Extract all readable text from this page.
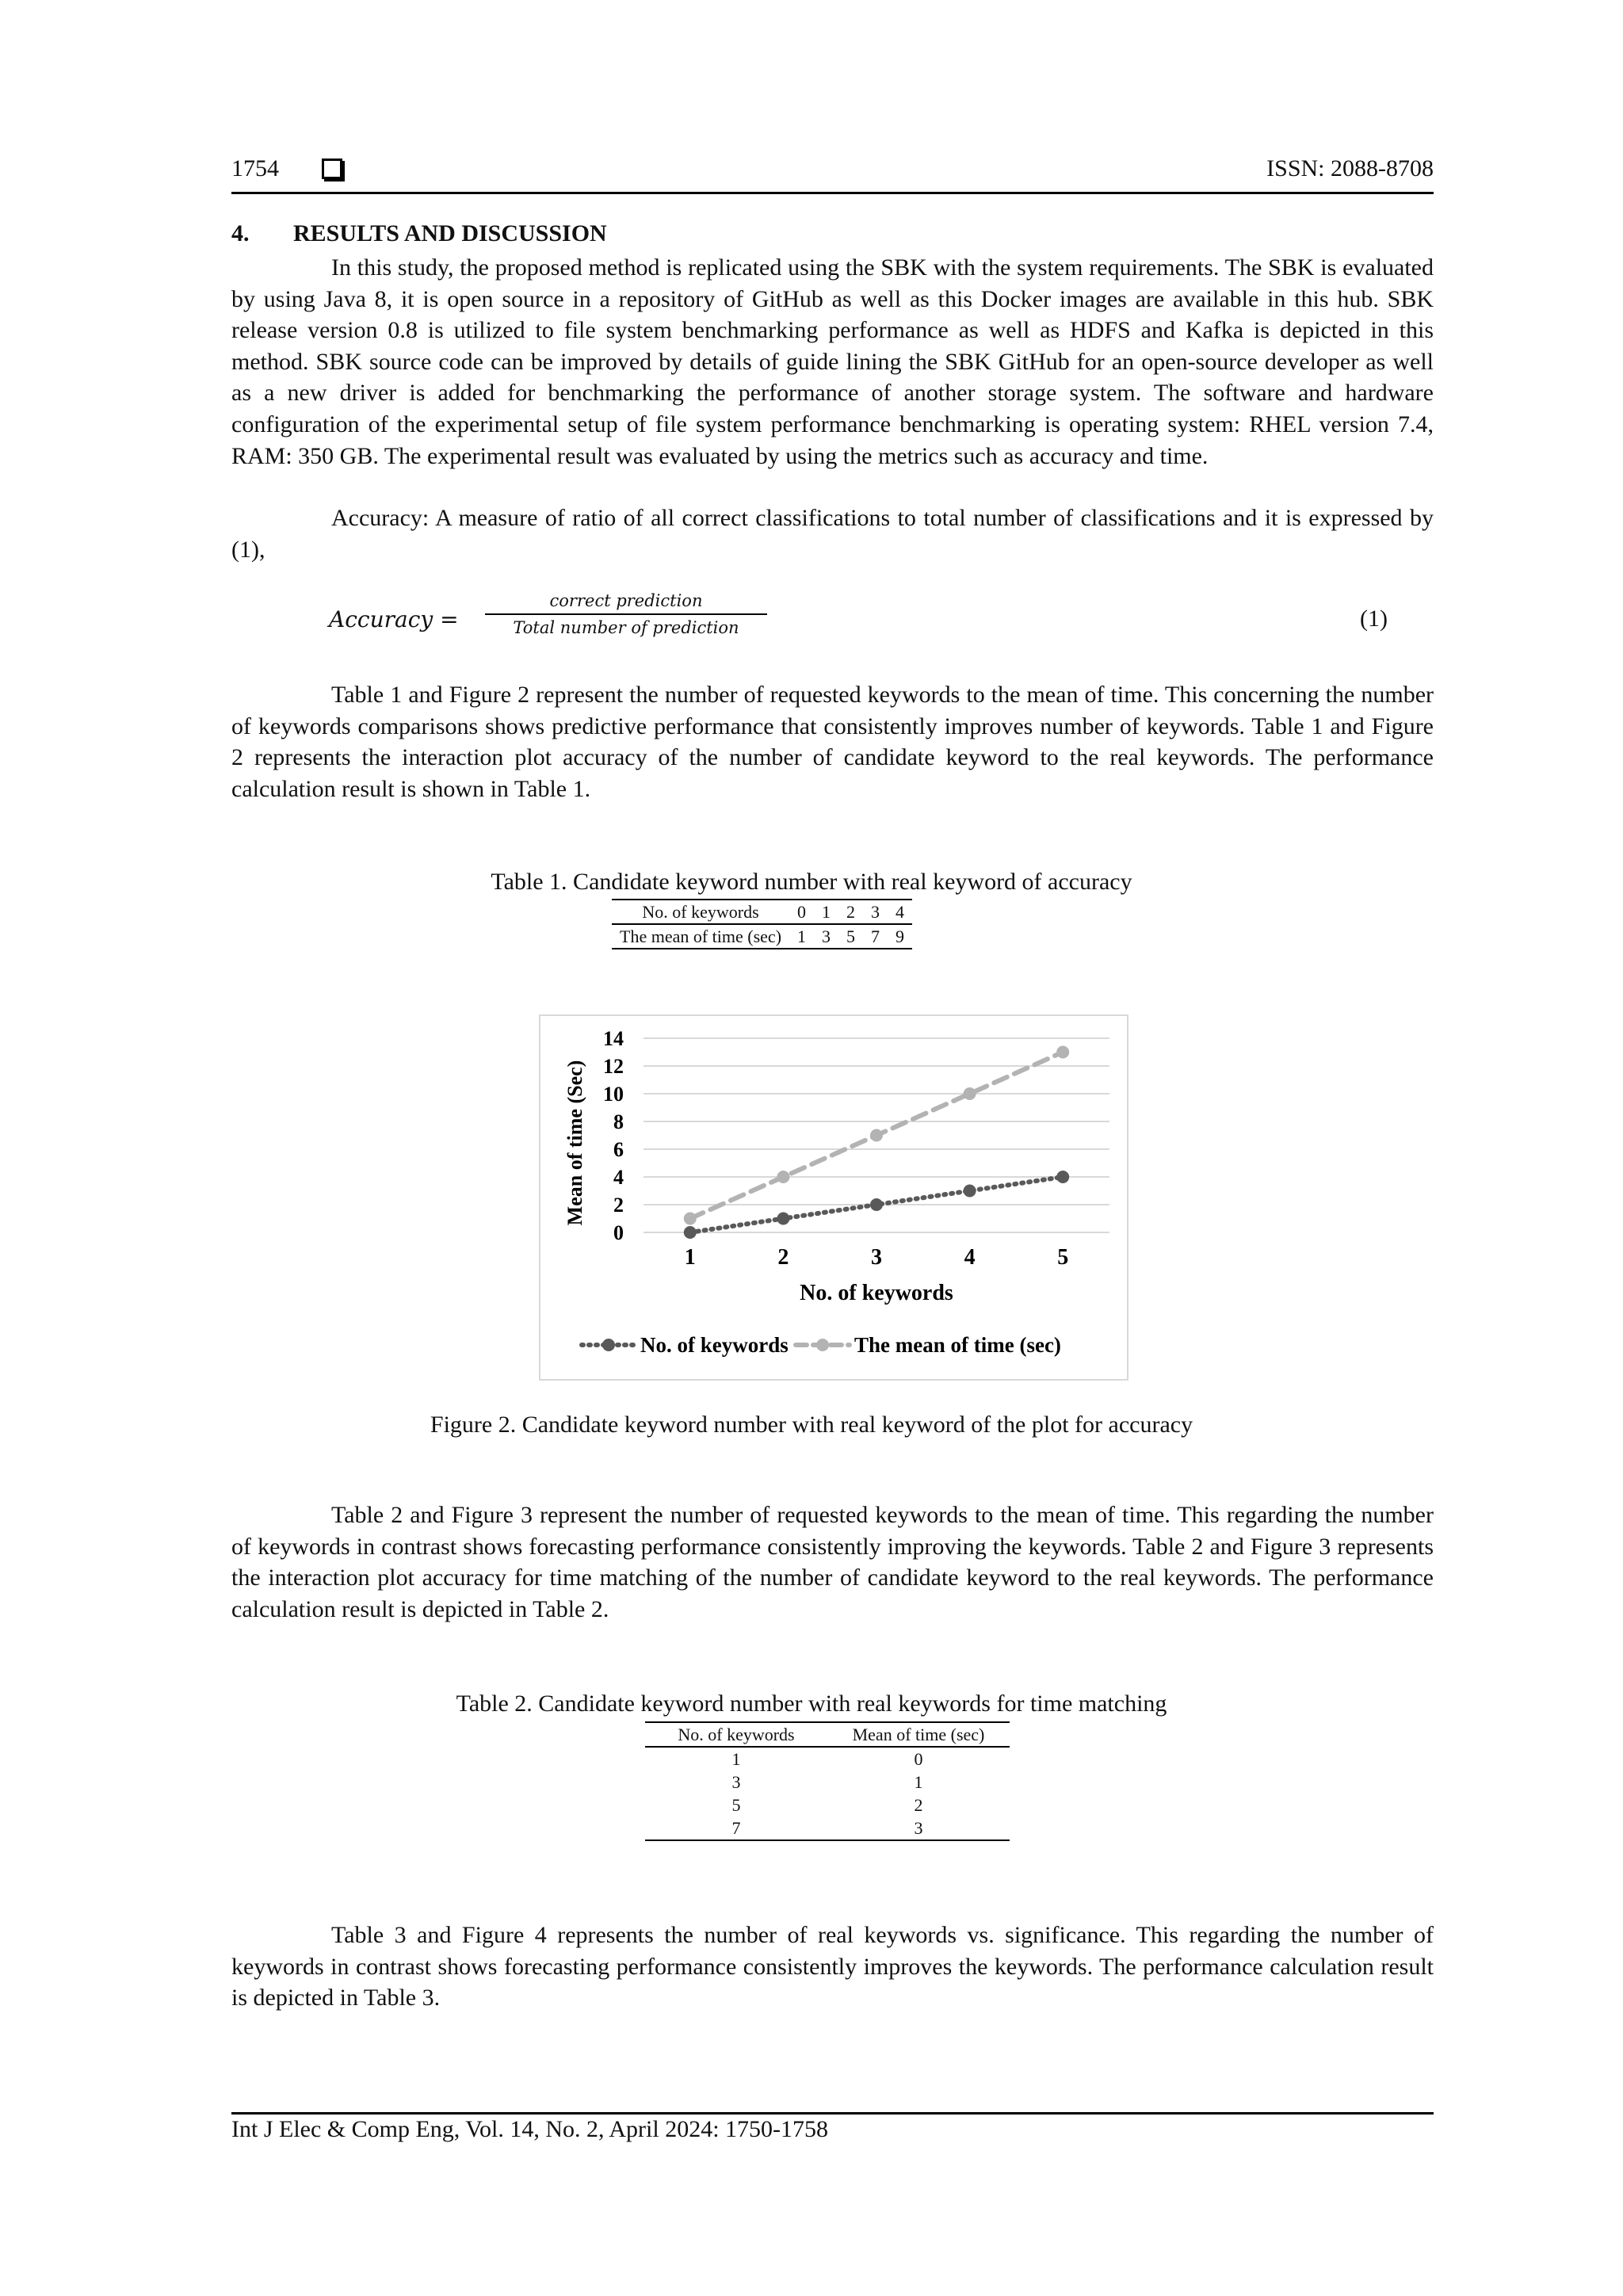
1754	ISSN: 2088-8708
4. RESULTS AND DISCUSSION
In this study, the proposed method is replicated using the SBK with the system requirements. The SBK is evaluated by using Java 8, it is open source in a repository of GitHub as well as this Docker images are available in this hub. SBK release version 0.8 is utilized to file system benchmarking performance as well as HDFS and Kafka is depicted in this method. SBK source code can be improved by details of guide lining the SBK GitHub for an open-source developer as well as a new driver is added for benchmarking the performance of another storage system. The software and hardware configuration of the experimental setup of file system performance benchmarking is operating system: RHEL version 7.4, RAM: 350 GB. The experimental result was evaluated by using the metrics such as accuracy and time.
Accuracy: A measure of ratio of all correct classifications to total number of classifications and it is expressed by (1),
Accuracy =
correct prediction
Total number of prediction	(1)
Table 1 and Figure 2 represent the number of requested keywords to the mean of time. This concerning the number of keywords comparisons shows predictive performance that consistently improves number of keywords. Table 1 and Figure 2 represents the interaction plot accuracy of the number of candidate keyword to the real keywords. The performance calculation result is shown in Table 1.
Table 1. Candidate keyword number with real keyword of accuracy
No. of keywords	0	1	2	3	4
The mean of time (sec)	1	3	5	7	9
0
2
4
6
8
10
12
14
1	2	3	4	5
Mean of time (Sec)
No. of keywords
No. of keywords	The mean of time (sec)
Figure 2. Candidate keyword number with real keyword of the plot for accuracy
Table 2 and Figure 3 represent the number of requested keywords to the mean of time. This regarding the number of keywords in contrast shows forecasting performance consistently improving the keywords. Table 2 and Figure 3 represents the interaction plot accuracy for time matching of the number of candidate keyword to the real keywords. The performance calculation result is depicted in Table 2.
Table 2. Candidate keyword number with real keywords for time matching
No. of keywords	Mean of time (sec)
1	0
3	1
5	2
7	3
Table 3 and Figure 4 represents the number of real keywords vs. significance. This regarding the number of keywords in contrast shows forecasting performance consistently improves the keywords. The performance calculation result is depicted in Table 3.
Int J Elec & Comp Eng, Vol. 14, No. 2, April 2024: 1750-1758
